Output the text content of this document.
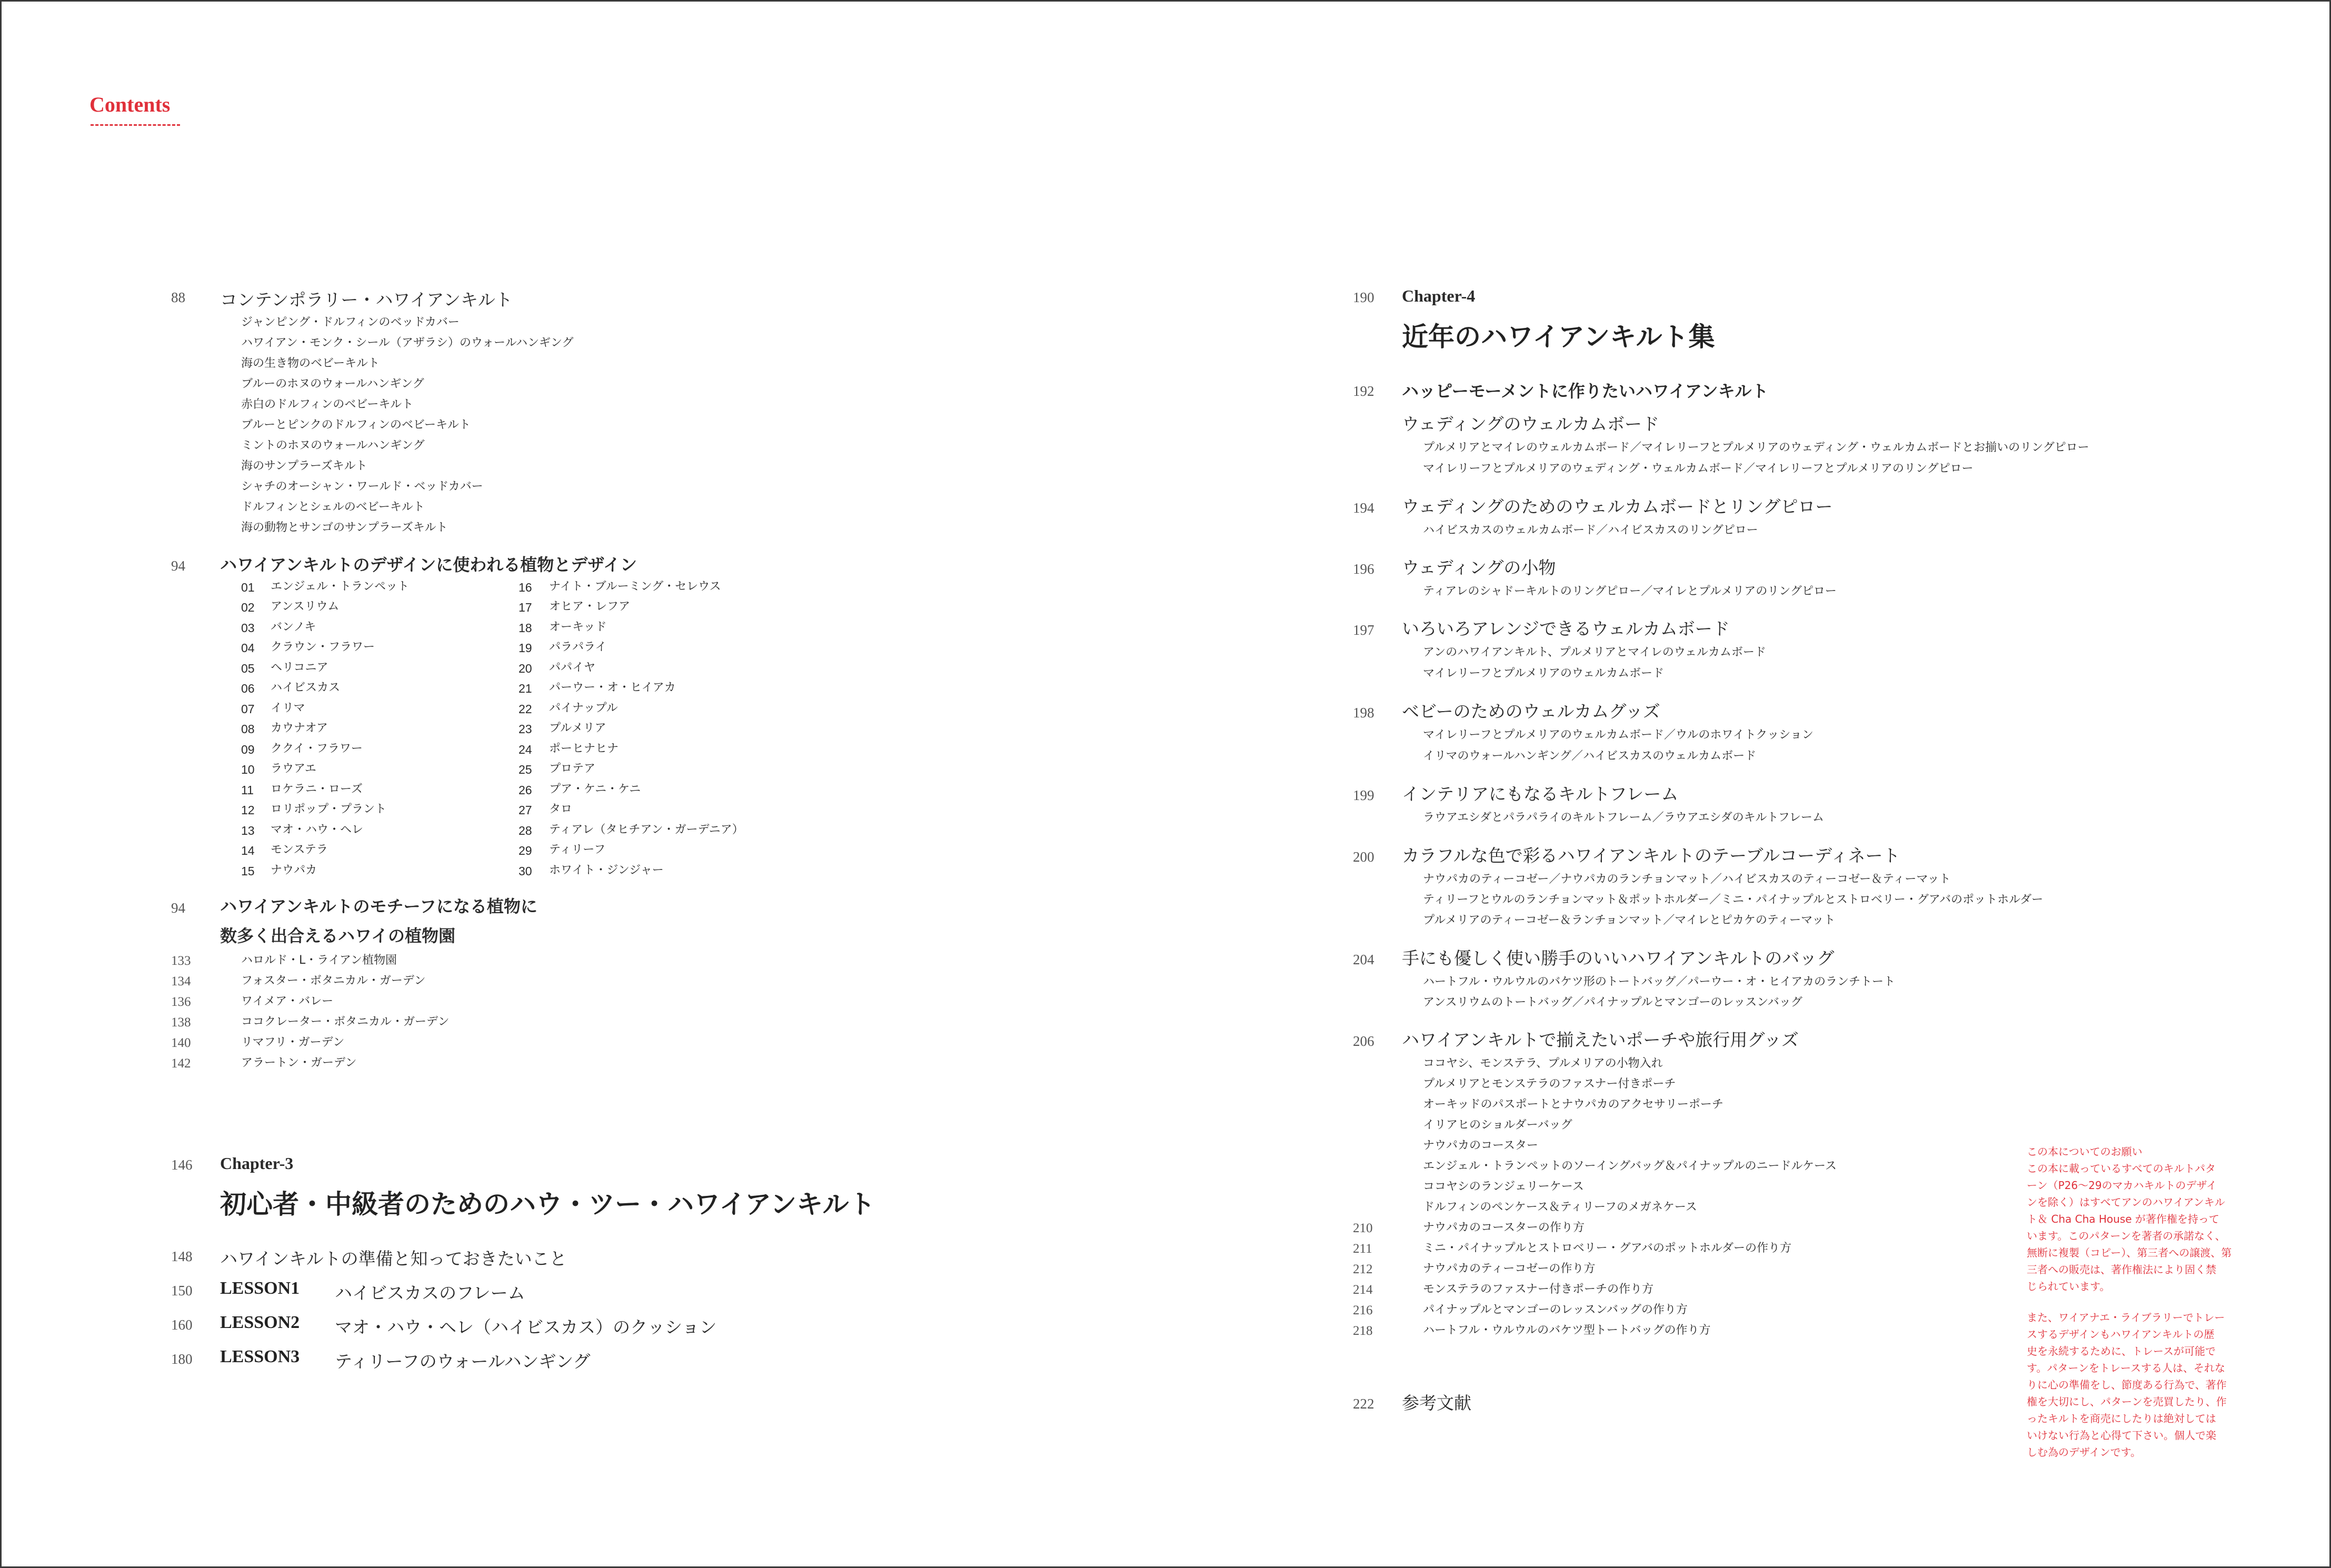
Contents
88 コンテンポラリー・ハワイアンキルト
ジャンピング・ドルフィンのベッドカバー
ハワイアン・モンク・シール（アザラシ）のウォールハンギング
海の生き物のベビーキルト
ブルーのホヌのウォールハンギング
赤白のドルフィンのベビーキルト
ブルーとピンクのドルフィンのベビーキルト
ミントのホヌのウォールハンギング
海のサンプラーズキルト
シャチのオーシャン・ワールド・ベッドカバー
ドルフィンとシェルのベビーキルト
海の動物とサンゴのサンプラーズキルト
94 ハワイアンキルトのデザインに使われる植物とデザイン
01 エンジェル・トランペット
02 アンスリウム
03 バンノキ
04 クラウン・フラワー
05 ヘリコニア
06 ハイビスカス
07 イリマ
08 カウナオア
09 ククイ・フラワー
10 ラウアエ
11 ロケラニ・ローズ
12 ロリポップ・プラント
13 マオ・ハウ・ヘレ
14 モンステラ
15 ナウパカ
16 ナイト・ブルーミング・セレウス
17 オヒア・レフア
18 オーキッド
19 パラパライ
20 パパイヤ
21 パーウー・オ・ヒイアカ
22 パイナップル
23 プルメリア
24 ポーヒナヒナ
25 プロテア
26 プア・ケニ・ケニ
27 タロ
28 ティアレ（タヒチアン・ガーデニア）
29 ティリーフ
30 ホワイト・ジンジャー
94 ハワイアンキルトのモチーフになる植物に
数多く出合えるハワイの植物園
133	ハロルド・L・ライアン植物園
134	フォスター・ボタニカル・ガーデン
136	ワイメア・バレー
138	ココクレーター・ボタニカル・ガーデン
140	リマフリ・ガーデン
142	アラートン・ガーデン
146 Chapter-3
初心者・中級者のためのハウ・ツー・ハワイアンキルト
148 ハワインキルトの準備と知っておきたいこと
150 LESSON1 ハイビスカスのフレーム
160 LESSON2 マオ・ハウ・ヘレ（ハイビスカス）のクッション
180 LESSON3 ティリーフのウォールハンギング
190 Chapter-4
近年のハワイアンキルト集
192 ハッピーモーメントに作りたいハワイアンキルト
ウェディングのウェルカムボード
プルメリアとマイレのウェルカムボード／マイレリーフとプルメリアのウェディング・ウェルカムボードとお揃いのリングピロー
マイレリーフとプルメリアのウェディング・ウェルカムボード／マイレリーフとプルメリアのリングピロー
194 ウェディングのためのウェルカムボードとリングピロー
ハイビスカスのウェルカムボード／ハイビスカスのリングピロー
196 ウェディングの小物
ティアレのシャドーキルトのリングピロー／マイレとプルメリアのリングピロー
197 いろいろアレンジできるウェルカムボード
アンのハワイアンキルト、プルメリアとマイレのウェルカムボード
マイレリーフとプルメリアのウェルカムボード
198 ベビーのためのウェルカムグッズ
マイレリーフとプルメリアのウェルカムボード／ウルのホワイトクッション
イリマのウォールハンギング／ハイビスカスのウェルカムボード
199 インテリアにもなるキルトフレーム
ラウアエシダとパラパライのキルトフレーム／ラウアエシダのキルトフレーム
200 カラフルな色で彩るハワイアンキルトのテーブルコーディネート
ナウパカのティーコゼー／ナウパカのランチョンマット／ハイビスカスのティーコゼー＆ティーマット
ティリーフとウルのランチョンマット＆ポットホルダー／ミニ・パイナップルとストロベリー・グアバのポットホルダー
プルメリアのティーコゼー＆ランチョンマット／マイレとピカケのティーマット
204 手にも優しく使い勝手のいいハワイアンキルトのバッグ
ハートフル・ウルウルのバケツ形のトートバッグ／パーウー・オ・ヒイアカのランチトート
アンスリウムのトートバッグ／パイナップルとマンゴーのレッスンバッグ
206 ハワイアンキルトで揃えたいポーチや旅行用グッズ
ココヤシ、モンステラ、プルメリアの小物入れ
プルメリアとモンステラのファスナー付きポーチ
オーキッドのパスポートとナウパカのアクセサリーポーチ
イリアヒのショルダーバッグ
ナウパカのコースター
エンジェル・トランペットのソーイングバッグ＆パイナップルのニードルケース
ココヤシのランジェリーケース
ドルフィンのペンケース＆ティリーフのメガネケース
210	ナウパカのコースターの作り方
211	ミニ・パイナップルとストロベリー・グアバのポットホルダーの作り方
212	ナウパカのティーコゼーの作り方
214	モンステラのファスナー付きポーチの作り方
216	パイナップルとマンゴーのレッスンバッグの作り方
218	ハートフル・ウルウルのバケツ型トートバッグの作り方
222 参考文献
この本についてのお願い
この本に載っているすべてのキルトパタ
ーン（P26～29のマカハキルトのデザイ
ンを除く）はすべてアンのハワイアンキル
ト＆ Cha Cha House が著作権を持って
います。このパターンを著者の承諾なく、
無断に複製（コピー）、第三者への譲渡、第
三者への販売は、著作権法により固く禁
じられています。
また、ワイアナエ・ライブラリーでトレー
スするデザインもハワイアンキルトの歴
史を永続するために、トレースが可能で
す。パターンをトレースする人は、それな
りに心の準備をし、節度ある行為で、著作
権を大切にし、パターンを売買したり、作
ったキルトを商売にしたりは絶対しては
いけない行為と心得て下さい。個人で楽
しむ為のデザインです。
